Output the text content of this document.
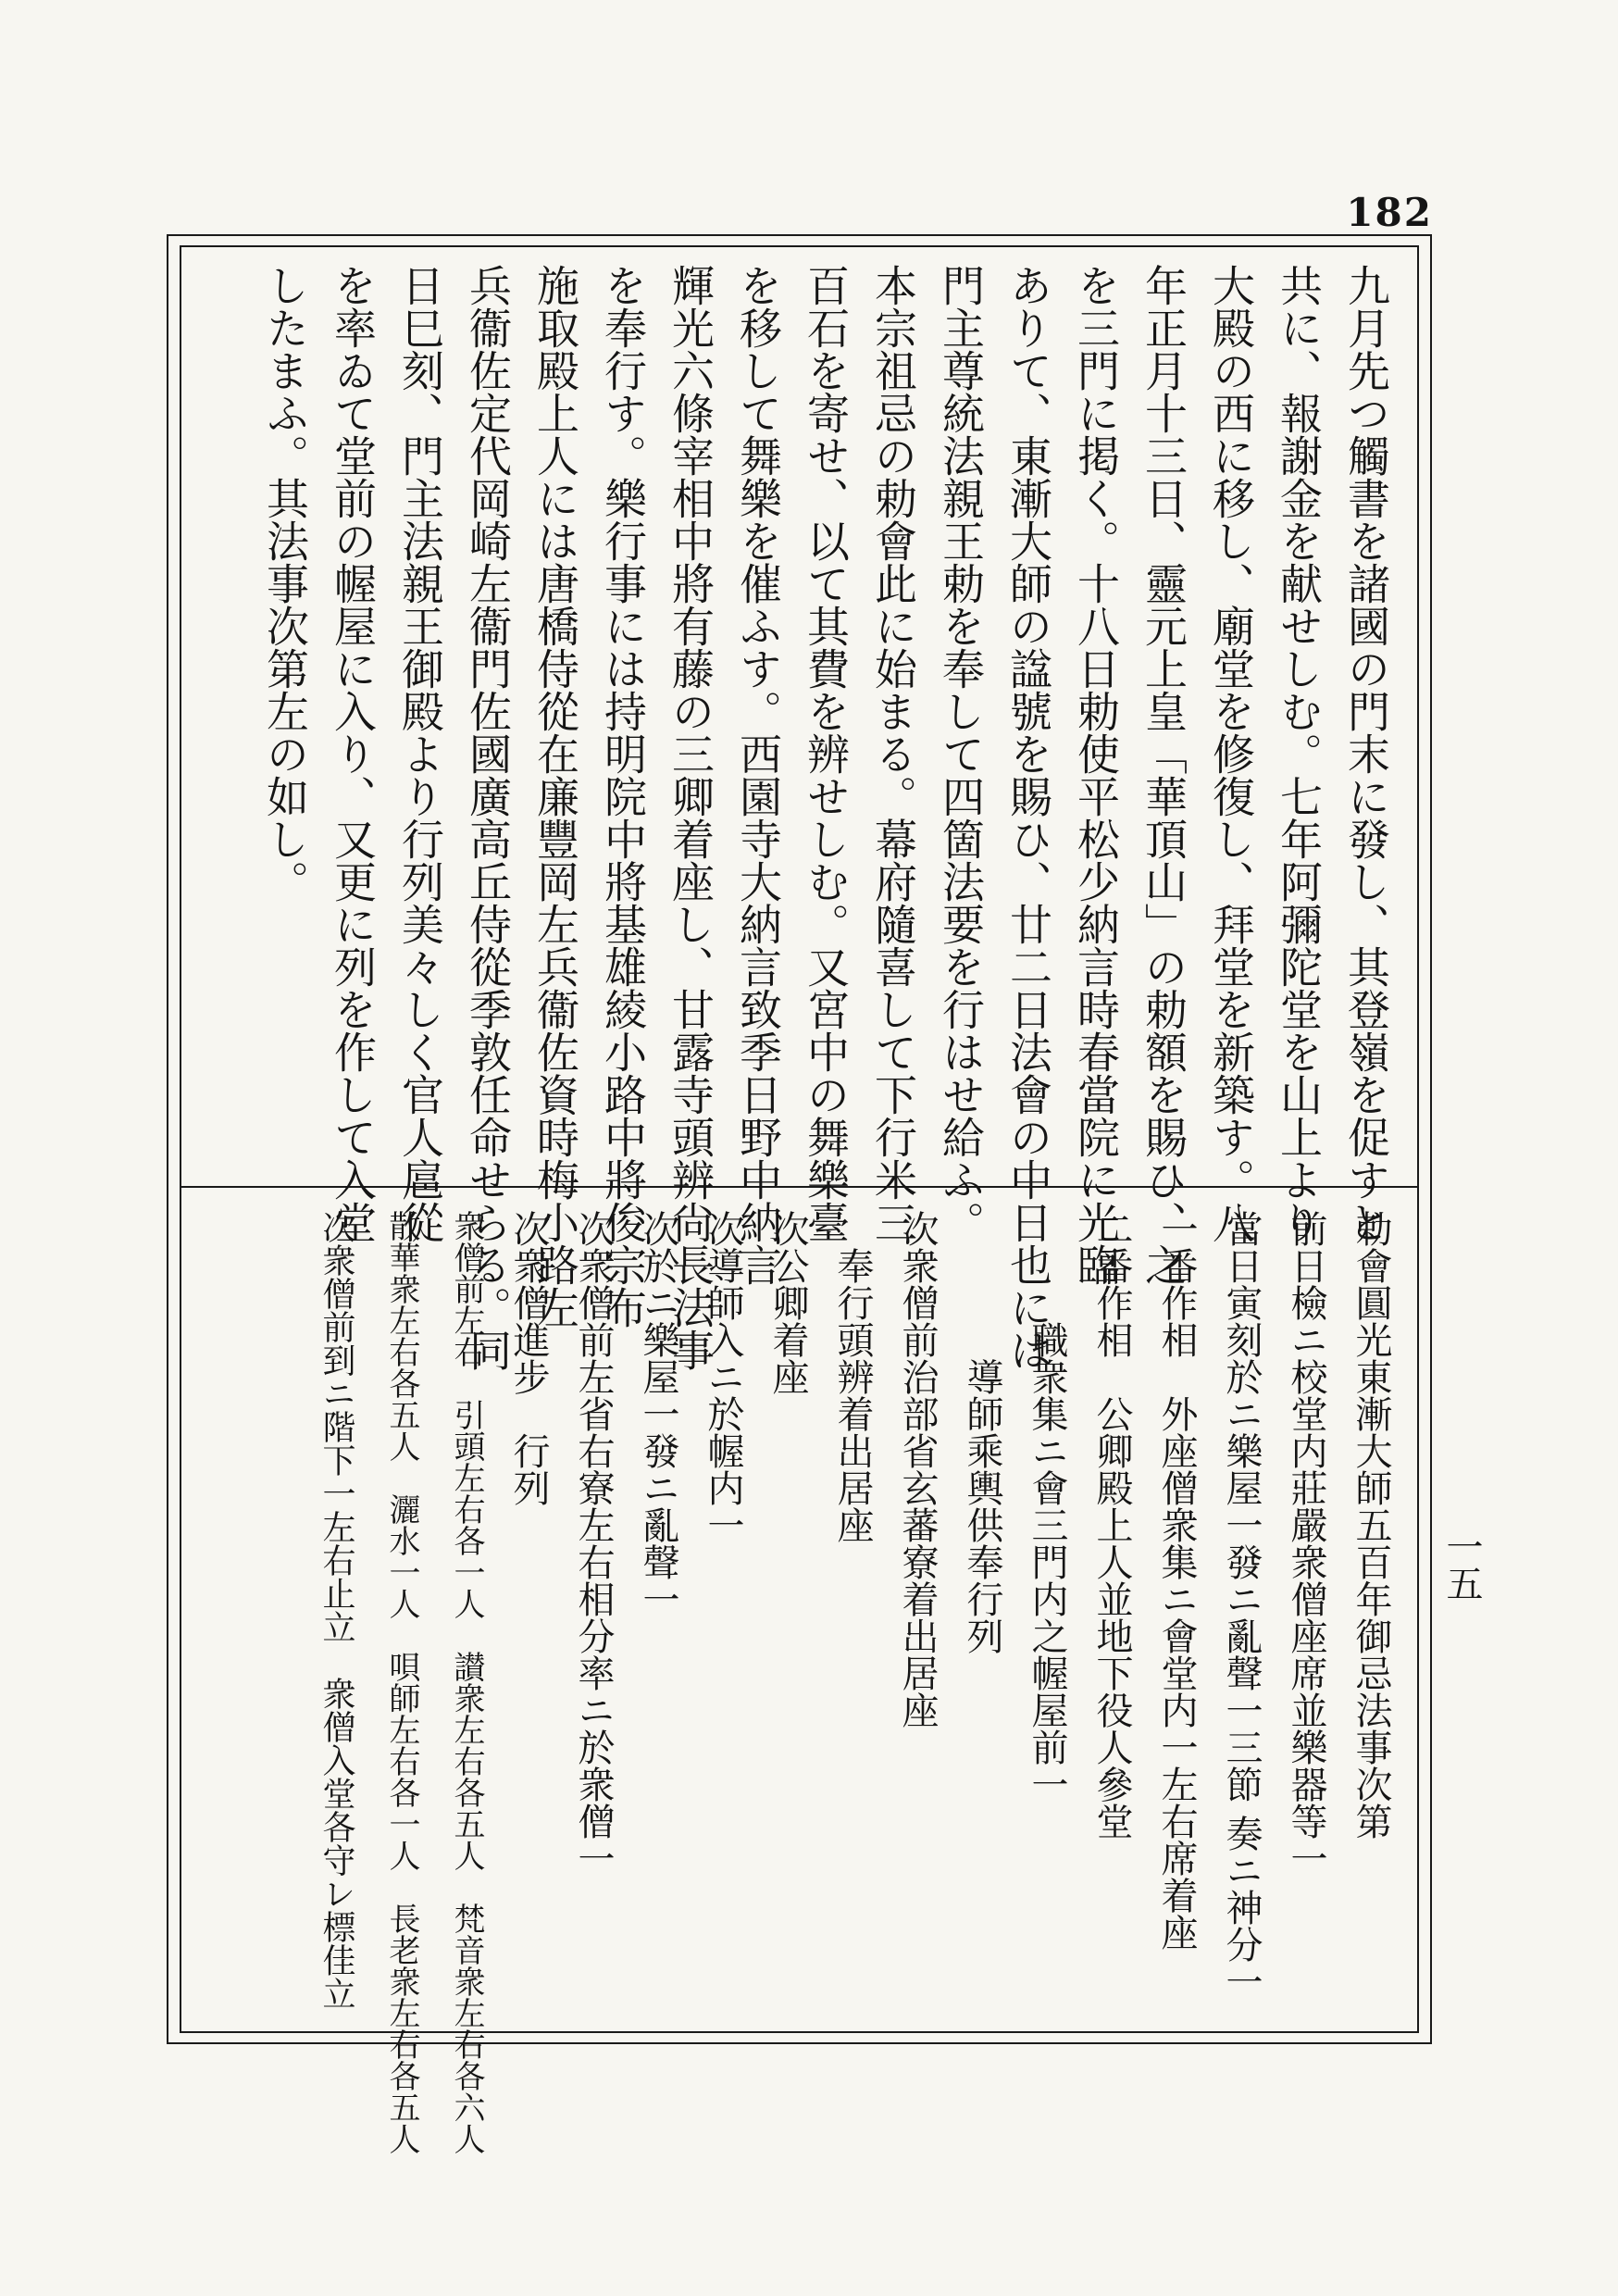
182
一五
九月先つ觸書を諸國の門末に發し、其登嶺を促すと
共に、報謝金を献せしむ。七年阿彌陀堂を山上より
大殿の西に移し、廟堂を修復し、拜堂を新築す。八
年正月十三日、靈元上皇「華頂山」の勅額を賜ひ、之
を三門に掲く。十八日勅使平松少納言時春當院に光臨
ありて、東漸大師の諡號を賜ひ、廿二日法會の中日也には
門主尊統法親王勅を奉して四箇法要を行はせ給ふ。
本宗祖忌の勅會此に始まる。幕府隨喜して下行米三
百石を寄せ、以て其費を辨せしむ。又宮中の舞樂臺
を移して舞樂を催ふす。西園寺大納言致季日野中納言
輝光六條宰相中將有藤の三卿着座し、甘露寺頭辨尙長法事
を奉行す。樂行事には持明院中將基雄綾小路中將俊宗布
施取殿上人には唐橋侍從在廉豐岡左兵衞佐資時梅小路左
兵衞佐定代岡崎左衞門佐國廣高丘侍從季敦任命せらる。同
日巳刻、門主法親王御殿より行列美々しく官人扈從
を率ゐて堂前の幄屋に入り、又更に列を作して入堂
したまふ。其法事次第左の如し。
勅會圓光東漸大師五百年御忌法事次第
前日檢ニ校堂内莊嚴衆僧座席並樂器等一
當日寅刻於ニ樂屋一發ニ亂聲一三節 奏ニ神分一
一番作相　外座僧衆集ニ會堂内一左右席着座
二番作相　公卿殿上人並地下役人參堂
　　　職衆集ニ會三門内之幄屋前一
　　　　導師乘輿供奉行列
次衆僧前治部省玄蕃寮着出居座
　奉行頭辨着出居座
次公卿着座
次導師入ニ於幄内一
次於ニ樂屋一發ニ亂聲一
次衆僧前左省右寮左右相分率ニ於衆僧一
次衆僧進步　行列
衆僧前左右　引頭左右各一人　讃衆左右各五人　梵音衆左右各六人
散華衆左右各五人　灑水一人　唄師左右各一人　長老衆左右各五人
次衆僧前到ニ階下一左右止立　衆僧入堂各守レ標佳立
